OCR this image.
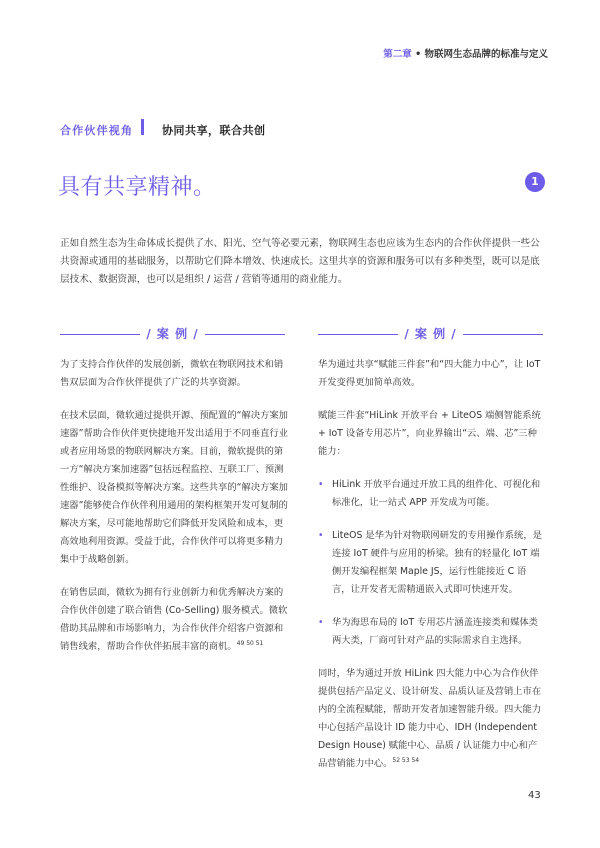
第二章 • 物联网生态品牌的标准与定义
合作伙伴视角	协同共享，联合共创
具有共享精神。	1
正如自然生态为生命体成长提供了水、阳光、空气等必要元素，物联网生态也应该为生态内的合作伙伴提供一些公共资源或通用的基础服务，以帮助它们降本增效、快速成长。这里共享的资源和服务可以有多种类型，既可以是底层技术、数据资源，也可以是组织 / 运营 / 营销等通用的商业能力。
/ 案 例 /	/ 案 例 /

为了支持合作伙伴的发展创新，微软在物联网技术和销售双层面为合作伙伴提供了广泛的共享资源。

在技术层面，微软通过提供开源、预配置的“解决方案加速器”帮助合作伙伴更快捷地开发出适用于不同垂直行业或者应用场景的物联网解决方案。目前，微软提供的第一方“解决方案加速器”包括远程监控、互联工厂、预测性维护、设备模拟等解决方案。这些共享的“解决方案加速器”能够使合作伙伴利用通用的架构框架开发可复制的解决方案，尽可能地帮助它们降低开发风险和成本，更高效地利用资源。受益于此，合作伙伴可以将更多精力集中于战略创新。

在销售层面，微软为拥有行业创新力和优秀解决方案的合作伙伴创建了联合销售 (Co-Selling) 服务模式。微软借助其品牌和市场影响力，为合作伙伴介绍客户资源和销售线索，帮助合作伙伴拓展丰富的商机。$^{49 50 51}$

华为通过共享“赋能三件套”和“四大能力中心”，让 IoT 开发变得更加简单高效。

赋能三件套“HiLink 开放平台 + LiteOS 端侧智能系统 + IoT 设备专用芯片”，向业界输出“云、端、芯”三种能力：

• HiLink 开放平台通过开放工具的组件化、可视化和标准化，让一站式 APP 开发成为可能。
• LiteOS 是华为针对物联网研发的专用操作系统，是连接 IoT 硬件与应用的桥梁。独有的轻量化 IoT 端侧开发编程框架 Maple JS，运行性能接近 C 语言，让开发者无需精通嵌入式即可快速开发。
• 华为海思布局的 IoT 专用芯片涵盖连接类和媒体类两大类，厂商可针对产品的实际需求自主选择。

同时，华为通过开放 HiLink 四大能力中心为合作伙伴提供包括产品定义、设计研发、品质认证及营销上市在内的全流程赋能，帮助开发者加速智能升级。四大能力中心包括产品设计 ID 能力中心、IDH (Independent Design House) 赋能中心、品质 / 认证能力中心和产品营销能力中心。$^{52 53 54}$

43
